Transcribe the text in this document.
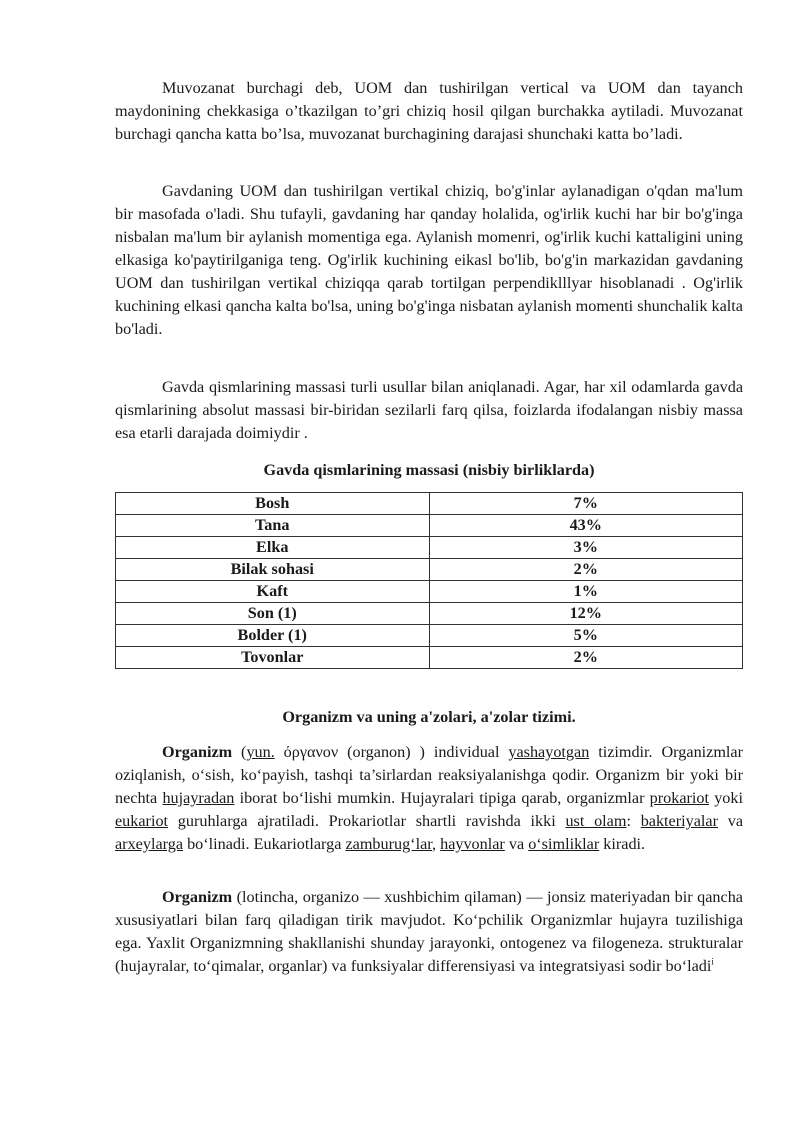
Muvozanat burchagi deb, UOM dan tushirilgan vertical va UOM dan tayanch maydonining chekkasiga o’tkazilgan to’gri chiziq hosil qilgan burchakka aytiladi. Muvozanat burchagi qancha katta bo’lsa, muvozanat burchagining darajasi shunchaki katta bo’ladi.

Gavdaning UOM dan tushirilgan vertikal chiziq, bo'g'inlar aylanadigan o'qdan ma'lum bir masofada o'ladi. Shu tufayli, gavdaning har qanday holalida, og'irlik kuchi har bir bo'g'inga nisbalan ma'lum bir aylanish momentiga ega. Aylanish momenri, og'irlik kuchi kattaligini uning elkasiga ko'paytirilganiga teng. Og'irlik kuchining eikasl bo'lib, bo'g'in markazidan gavdaning UOM dan tushirilgan vertikal chiziqqa qarab tortilgan perpendiklllyar hisoblanadi . Og'irlik kuchining elkasi qancha kalta bo'lsa, uning bo'g'inga nisbatan aylanish momenti shunchalik kalta bo'ladi.

Gavda qismlarining massasi turli usullar bilan aniqlanadi. Agar, har xil odamlarda gavda qismlarining absolut massasi bir-biridan sezilarli farq qilsa, foizlarda ifodalangan nisbiy massa esa etarli darajada doimiydir .

Gavda qismlarining massasi (nisbiy birliklarda)

Bosh	7%
Tana	43%
Elka	3%
Bilak sohasi	2%
Kaft	1%
Son (1)	12%
Bolder (1)	5%
Tovonlar	2%

Organizm va uning a'zolari, a'zolar tizimi.

Organizm (yun. όργανον (organon) ) individual yashayotgan tizimdir. Organizmlar oziqlanish, o‘sish, ko‘payish, tashqi ta’sirlardan reaksiyalanishga qodir. Organizm bir yoki bir nechta hujayradan iborat bo‘lishi mumkin. Hujayralari tipiga qarab, organizmlar prokariot yoki eukariot guruhlarga ajratiladi. Prokariotlar shartli ravishda ikki ust olam: bakteriyalar va arxeylarga bo‘linadi. Eukariotlarga zamburug‘lar, hayvonlar va o‘simliklar kiradi.

Organizm (lotincha, organizo — xushbichim qilaman) — jonsiz materiyadan bir qancha xususiyatlari bilan farq qiladigan tirik mavjudot. Ko‘pchilik Organizmlar hujayra tuzilishiga ega. Yaxlit Organizmning shakllanishi shunday jarayonki, ontogenez va filogeneza. strukturalar (hujayralar, to‘qimalar, organlar) va funksiyalar differensiyasi va integratsiyasi sodir bo‘ladi$^i$
